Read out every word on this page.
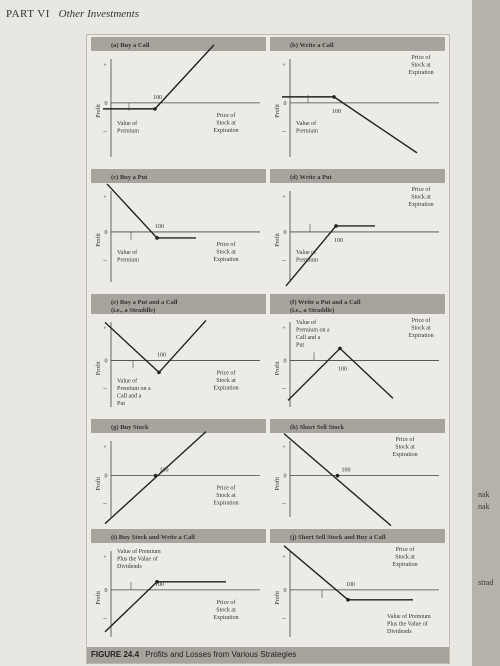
PART VI Other Investments
(a) Buy a Call
Profit
+
0
–
100
Value of
Premium
Price of
Stock at
Expiration
(b) Write a Call
Profit
+
0
–
100
Value of
Premium
Price of
Stock at
Expiration
(c) Buy a Put
Profit
+
0
–
100
Value of
Premium
Price of
Stock at
Expiration
(d) Write a Put
Profit
+
0
–
100
Value of
Premium
Price of
Stock at
Expiration
(e) Buy a Put and a Call
(i.e., a Straddle)
Profit
+
0
–
100
Value of
Premium on a
Call and a
Put
Price of
Stock at
Expiration
(f) Write a Put and a Call
(i.e., a Straddle)
Profit
+
0
–
100
Value of
Premium on a
Call and a
Put
Price of
Stock at
Expiration
(g) Buy Stock
Profit
+
0
–
100
Price of
Stock at
Expiration
(h) Short Sell Stock
Profit
+
0
–
100
Price of
Stock at
Expiration
(i) Buy Stock and Write a Call
Profit
+
0
–
100
Value of Premium
Plus the Value of
Dividends
Price of
Stock at
Expiration
(j) Short Sell Stock and Buy a Call
Profit
+
0
–
100
Value of Premium
Plus the Value of
Dividends
Price of
Stock at
Expiration
FIGURE 24.4 Profits and Losses from Various Strategies
nak
nak
strad
